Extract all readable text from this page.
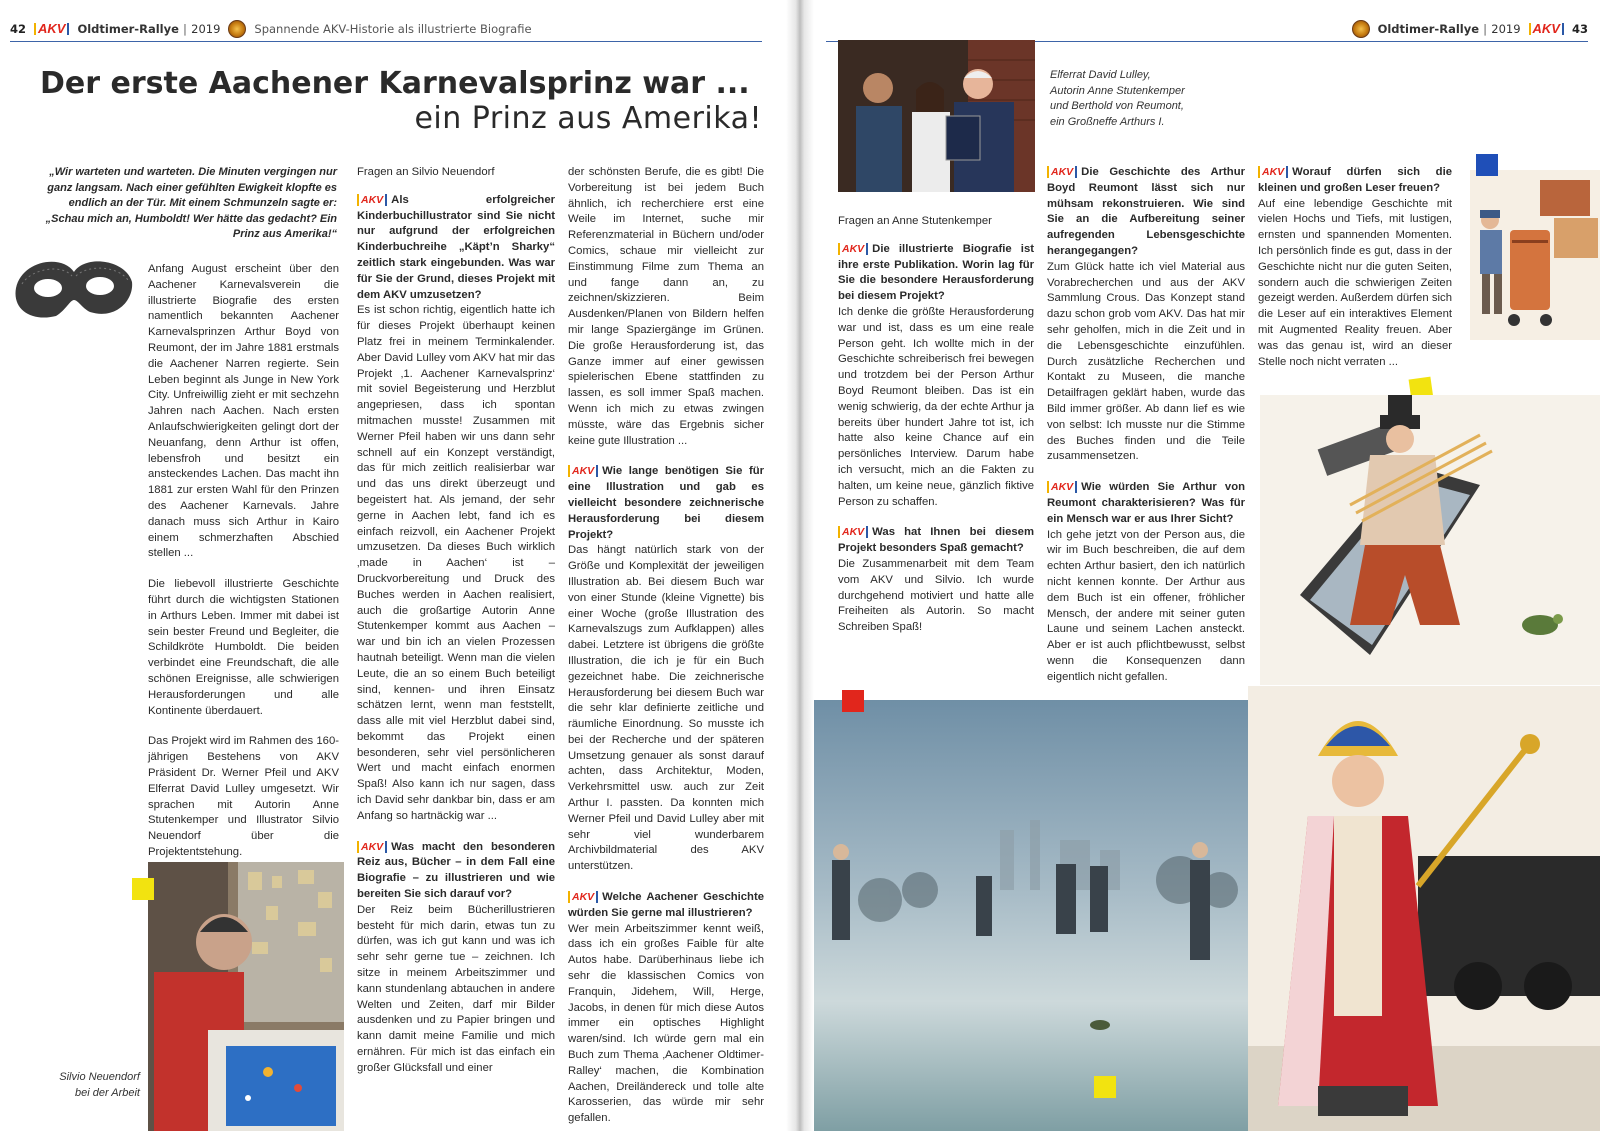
42 AKV	Oldtimer-Rallye | 2019	Spannende AKV-Historie als illustrierte Biografie
Der erste Aachener Karnevalsprinz war ...
ein Prinz aus Amerika!

„Wir warteten und warteten. Die Minuten vergingen nur ganz langsam. Nach einer gefühlten Ewigkeit klopfte es endlich an der Tür. Mit einem Schmunzeln sagte er: „Schau mich an, Humboldt! Wer hätte das gedacht? Ein Prinz aus Amerika!“

Anfang August erscheint über den Aachener Karnevalsverein die illustrierte Biografie des ersten namentlich bekannten Aachener Karnevalsprinzen Arthur Boyd von Reumont, der im Jahre 1881 erstmals die Aachener Narren regierte. Sein Leben beginnt als Junge in New York City. Unfreiwillig zieht er mit sechzehn Jahren nach Aachen. Nach ersten Anlaufschwierigkeiten gelingt dort der Neuanfang, denn Arthur ist offen, lebensfroh und besitzt ein ansteckendes Lachen. Das macht ihn 1881 zur ersten Wahl für den Prinzen des Aachener Karnevals. Jahre danach muss sich Arthur in Kairo einem schmerzhaften Abschied stellen ...

Die liebevoll illustrierte Geschichte führt durch die wichtigsten Stationen in Arthurs Leben. Immer mit dabei ist sein bester Freund und Begleiter, die Schildkröte Humboldt. Die beiden verbindet eine Freundschaft, die alle schönen Ereignisse, alle schwierigen Herausforderungen und alle Kontinente überdauert.

Das Projekt wird im Rahmen des 160-jährigen Bestehens von AKV Präsident Dr. Werner Pfeil und AKV Elferrat David Lulley umgesetzt. Wir sprachen mit Autorin Anne Stutenkemper und Illustrator Silvio Neuendorf über die Projektentstehung.

Silvio Neuendorf
bei der Arbeit

Fragen an Silvio Neuendorf

AKV Als erfolgreicher Kinderbuchillustrator sind Sie nicht nur aufgrund der erfolgreichen Kinderbuchreihe „Käpt’n Sharky“ zeitlich stark eingebunden. Was war für Sie der Grund, dieses Projekt mit dem AKV umzusetzen?

Es ist schon richtig, eigentlich hatte ich für dieses Projekt überhaupt keinen Platz frei in meinem Terminkalender. Aber David Lulley vom AKV hat mir das Projekt ‚1. Aachener Karnevalsprinz‘ mit soviel Begeisterung und Herzblut angepriesen, dass ich spontan mitmachen musste! Zusammen mit Werner Pfeil haben wir uns dann sehr schnell auf ein Konzept verständigt, das für mich zeitlich realisierbar war und das uns direkt überzeugt und begeistert hat. Als jemand, der sehr gerne in Aachen lebt, fand ich es einfach reizvoll, ein Aachener Projekt umzusetzen. Da dieses Buch wirklich ‚made in Aachen‘ ist – Druckvorbereitung und Druck des Buches werden in Aachen realisiert, auch die großartige Autorin Anne Stutenkemper kommt aus Aachen – war und bin ich an vielen Prozessen hautnah beteiligt. Wenn man die vielen Leute, die an so einem Buch beteiligt sind, kennen- und ihren Einsatz schätzen lernt, wenn man feststellt, dass alle mit viel Herzblut dabei sind, bekommt das Projekt einen besonderen, sehr viel persönlicheren Wert und macht einfach enormen Spaß! Also kann ich nur sagen, dass ich David sehr dankbar bin, dass er am Anfang so hartnäckig war ...

AKV Was macht den besonderen Reiz aus, Bücher – in dem Fall eine Biografie – zu illustrieren und wie bereiten Sie sich darauf vor?

Der Reiz beim Bücherillustrieren besteht für mich darin, etwas tun zu dürfen, was ich gut kann und was ich sehr sehr gerne tue – zeichnen. Ich sitze in meinem Arbeitszimmer und kann stundenlang abtauchen in andere Welten und Zeiten, darf mir Bilder ausdenken und zu Papier bringen und kann damit meine Familie und mich ernähren. Für mich ist das einfach ein großer Glücksfall und einer

der schönsten Berufe, die es gibt! Die Vorbereitung ist bei jedem Buch ähnlich, ich recherchiere erst eine Weile im Internet, suche mir Referenzmaterial in Büchern und/oder Comics, schaue mir vielleicht zur Einstimmung Filme zum Thema an und fange dann an, zu zeichnen/skizzieren. Beim Ausdenken/Planen von Bildern helfen mir lange Spaziergänge im Grünen. Die große Herausforderung ist, das Ganze immer auf einer gewissen spielerischen Ebene stattfinden zu lassen, es soll immer Spaß machen. Wenn ich mich zu etwas zwingen müsste, wäre das Ergebnis sicher keine gute Illustration ...

AKV Wie lange benötigen Sie für eine Illustration und gab es vielleicht besondere zeichnerische Herausforderung bei diesem Projekt?

Das hängt natürlich stark von der Größe und Komplexität der jeweiligen Illustration ab. Bei diesem Buch war von einer Stunde (kleine Vignette) bis einer Woche (große Illustration des Karnevalszugs zum Aufklappen) alles dabei. Letztere ist übrigens die größte Illustration, die ich je für ein Buch gezeichnet habe. Die zeichnerische Herausforderung bei diesem Buch war die sehr klar definierte zeitliche und räumliche Einordnung. So musste ich bei der Recherche und der späteren Umsetzung genauer als sonst darauf achten, dass Architektur, Moden, Verkehrsmittel usw. auch zur Zeit Arthur I. passten. Da konnten mich Werner Pfeil und David Lulley aber mit sehr viel wunderbarem Archivbildmaterial des AKV unterstützen.

AKV Welche Aachener Geschichte würden Sie gerne mal illustrieren?

Wer mein Arbeitszimmer kennt weiß, dass ich ein großes Faible für alte Autos habe. Darüberhinaus liebe ich sehr die klassischen Comics von Franquin, Jidehem, Will, Herge, Jacobs, in denen für mich diese Autos immer ein optisches Highlight waren/sind. Ich würde gern mal ein Buch zum Thema ‚Aachener Oldtimer-Ralley‘ machen, die Kombination Aachen, Dreiländereck und tolle alte Karosserien, das würde mir sehr gefallen.

Oldtimer-Rallye | 2019 AKV	43
Elferrat David Lulley,
Autorin Anne Stutenkemper
und Berthold von Reumont,
ein Großneffe Arthurs I.

Fragen an Anne Stutenkemper

AKV Die illustrierte Biografie ist ihre erste Publikation. Worin lag für Sie die besondere Herausforderung bei diesem Projekt?

Ich denke die größte Herausforderung war und ist, dass es um eine reale Person geht. Ich wollte mich in der Geschichte schreiberisch frei bewegen und trotzdem bei der Person Arthur Boyd Reumont bleiben. Das ist ein wenig schwierig, da der echte Arthur ja bereits über hundert Jahre tot ist, ich hatte also keine Chance auf ein persönliches Interview. Darum habe ich versucht, mich an die Fakten zu halten, um keine neue, gänzlich fiktive Person zu schaffen.

AKV Was hat Ihnen bei diesem Projekt besonders Spaß gemacht?

Die Zusammenarbeit mit dem Team vom AKV und Silvio. Ich wurde durchgehend motiviert und hatte alle Freiheiten als Autorin. So macht Schreiben Spaß!

AKV Die Geschichte des Arthur Boyd Reumont lässt sich nur mühsam rekonstruieren. Wie sind Sie an die Aufbereitung seiner aufregenden Lebensgeschichte herangegangen?

Zum Glück hatte ich viel Material aus Vorabrecherchen und aus der AKV Sammlung Crous. Das Konzept stand dazu schon grob vom AKV. Das hat mir sehr geholfen, mich in die Zeit und in die Lebensgeschichte einzufühlen. Durch zusätzliche Recherchen und Kontakt zu Museen, die manche Detailfragen geklärt haben, wurde das Bild immer größer. Ab dann lief es wie von selbst: Ich musste nur die Stimme des Buches finden und die Teile zusammensetzen.

AKV Wie würden Sie Arthur von Reumont charakterisieren? Was für ein Mensch war er aus Ihrer Sicht?

Ich gehe jetzt von der Person aus, die wir im Buch beschreiben, die auf dem echten Arthur basiert, den ich natürlich nicht kennen konnte. Der Arthur aus dem Buch ist ein offener, fröhlicher Mensch, der andere mit seiner guten Laune und seinem Lachen ansteckt. Aber er ist auch pflichtbewusst, selbst wenn die Konsequenzen dann eigentlich nicht gefallen.

AKV Worauf dürfen sich die kleinen und großen Leser freuen?

Auf eine lebendige Geschichte mit vielen Hochs und Tiefs, mit lustigen, ernsten und spannenden Momenten. Ich persönlich finde es gut, dass in der Geschichte nicht nur die guten Seiten, sondern auch die schwierigen Zeiten gezeigt werden. Außerdem dürfen sich die Leser auf ein interaktives Element mit Augmented Reality freuen. Aber was das genau ist, wird an dieser Stelle noch nicht verraten ...
